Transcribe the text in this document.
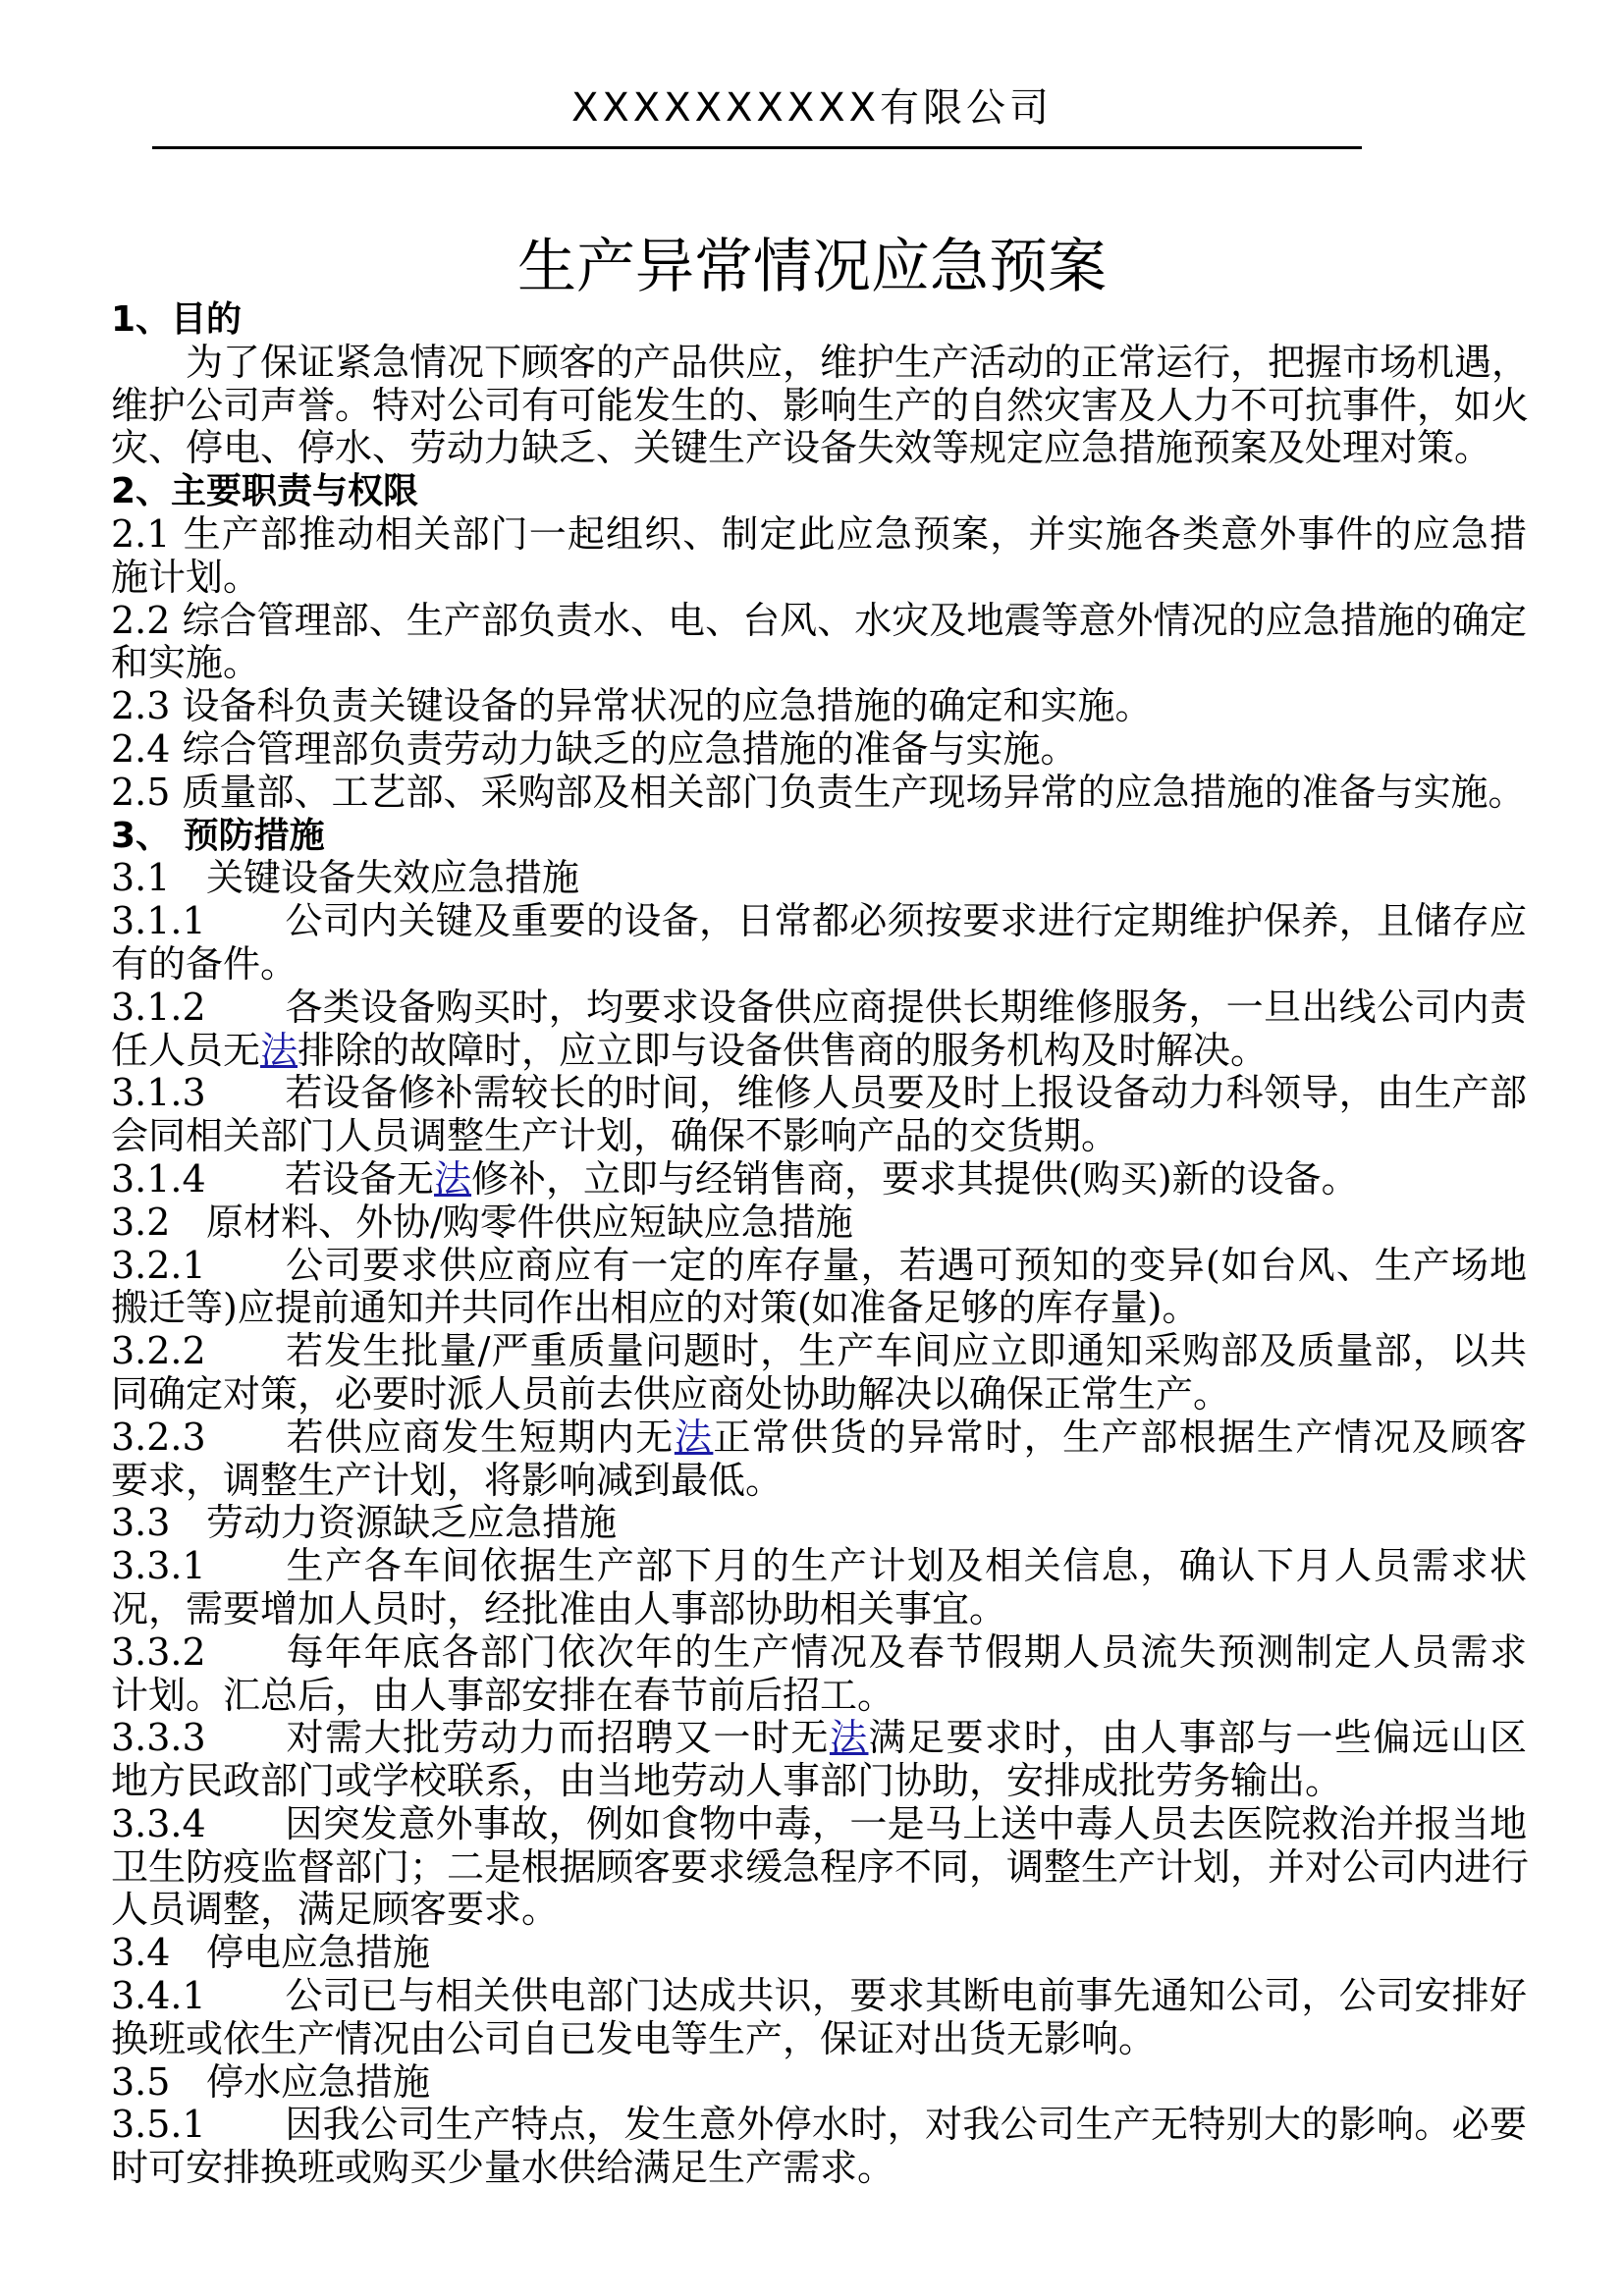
XXXXXXXXXX有限公司
生产异常情况应急预案
1、目的
为了保证紧急情况下顾客的产品供应，维护生产活动的正常运行，把握市场机遇，
维护公司声誉。特对公司有可能发生的、影响生产的自然灾害及人力不可抗事件，如火
灾、停电、停水、劳动力缺乏、关键生产设备失效等规定应急措施预案及处理对策。
2、主要职责与权限
2.1 生产部推动相关部门一起组织、制定此应急预案，并实施各类意外事件的应急措
施计划。
2.2 综合管理部、生产部负责水、电、台风、水灾及地震等意外情况的应急措施的确定
和实施。
2.3 设备科负责关键设备的异常状况的应急措施的确定和实施。
2.4 综合管理部负责劳动力缺乏的应急措施的准备与实施。
2.5 质量部、工艺部、采购部及相关部门负责生产现场异常的应急措施的准备与实施。
3、 预防措施
3.1 关键设备失效应急措施
3.1.1 公司内关键及重要的设备，日常都必须按要求进行定期维护保养，且储存应
有的备件。
3.1.2 各类设备购买时，均要求设备供应商提供长期维修服务，一旦出线公司内责
任人员无法排除的故障时，应立即与设备供售商的服务机构及时解决。
3.1.3 若设备修补需较长的时间，维修人员要及时上报设备动力科领导，由生产部
会同相关部门人员调整生产计划，确保不影响产品的交货期。
3.1.4 若设备无法修补，立即与经销售商，要求其提供(购买)新的设备。
3.2 原材料、外协/购零件供应短缺应急措施
3.2.1 公司要求供应商应有一定的库存量，若遇可预知的变异(如台风、生产场地
搬迁等)应提前通知并共同作出相应的对策(如准备足够的库存量)。
3.2.2 若发生批量/严重质量问题时，生产车间应立即通知采购部及质量部，以共
同确定对策，必要时派人员前去供应商处协助解决以确保正常生产。
3.2.3 若供应商发生短期内无法正常供货的异常时，生产部根据生产情况及顾客
要求，调整生产计划，将影响减到最低。
3.3 劳动力资源缺乏应急措施
3.3.1 生产各车间依据生产部下月的生产计划及相关信息，确认下月人员需求状
况，需要增加人员时，经批准由人事部协助相关事宜。
3.3.2 每年年底各部门依次年的生产情况及春节假期人员流失预测制定人员需求
计划。汇总后，由人事部安排在春节前后招工。
3.3.3 对需大批劳动力而招聘又一时无法满足要求时，由人事部与一些偏远山区
地方民政部门或学校联系，由当地劳动人事部门协助，安排成批劳务输出。
3.3.4 因突发意外事故，例如食物中毒，一是马上送中毒人员去医院救治并报当地
卫生防疫监督部门；二是根据顾客要求缓急程序不同，调整生产计划，并对公司内进行
人员调整，满足顾客要求。
3.4 停电应急措施
3.4.1 公司已与相关供电部门达成共识，要求其断电前事先通知公司，公司安排好
换班或依生产情况由公司自已发电等生产，保证对出货无影响。
3.5 停水应急措施
3.5.1 因我公司生产特点，发生意外停水时，对我公司生产无特别大的影响。必要
时可安排换班或购买少量水供给满足生产需求。
